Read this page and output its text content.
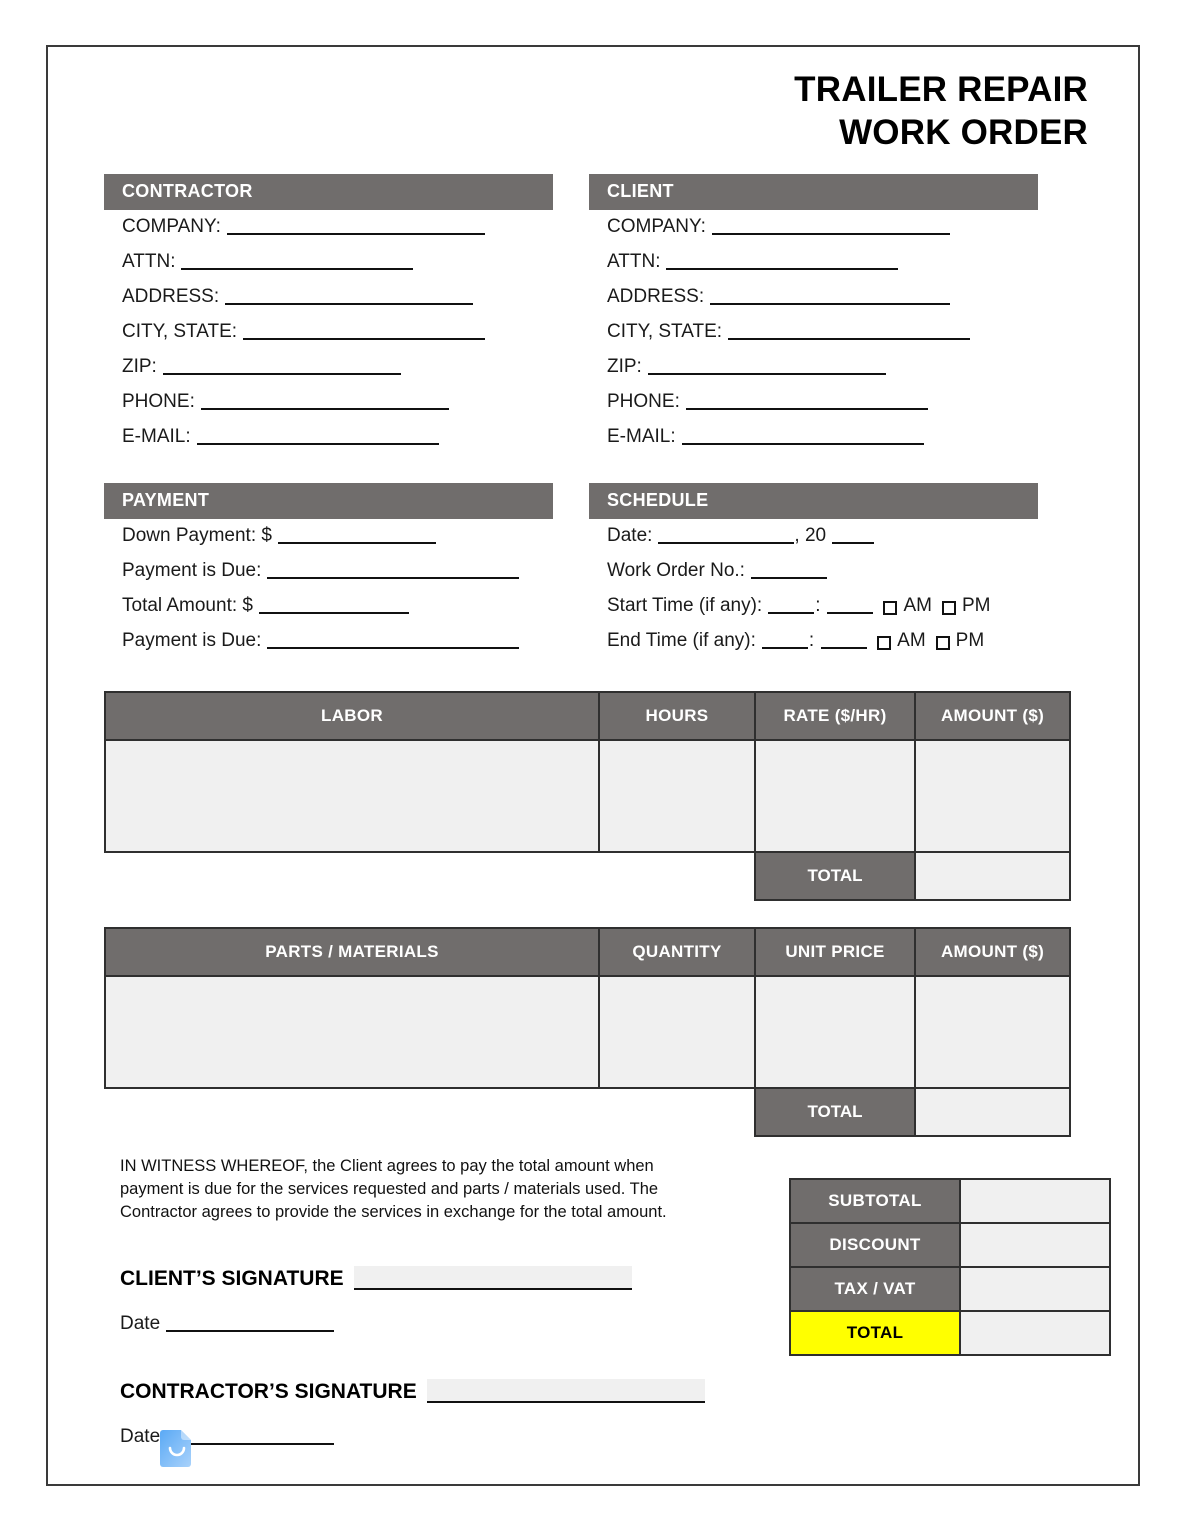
TRAILER REPAIR
WORK ORDER
CONTRACTOR
COMPANY:
ATTN:
ADDRESS:
CITY, STATE:
ZIP:
PHONE:
E-MAIL:
CLIENT
COMPANY:
ATTN:
ADDRESS:
CITY, STATE:
ZIP:
PHONE:
E-MAIL:
PAYMENT
Down Payment: $
Payment is Due:
Total Amount: $
Payment is Due:
SCHEDULE
Date:	, 20
Work Order No.:
Start Time (if any):	:	AM PM
End Time (if any):	:	AM PM
LABOR	HOURS	RATE ($/HR)	AMOUNT ($)

		TOTAL	
PARTS / MATERIALS	QUANTITY	UNIT PRICE	AMOUNT ($)

		TOTAL	
IN WITNESS WHEREOF, the Client agrees to pay the total amount when payment is due for the services requested and parts / materials used. The Contractor agrees to provide the services in exchange for the total amount.
CLIENT’S SIGNATURE
Date
CONTRACTOR’S SIGNATURE
Date
SUBTOTAL	
DISCOUNT	
TAX / VAT	
TOTAL	
